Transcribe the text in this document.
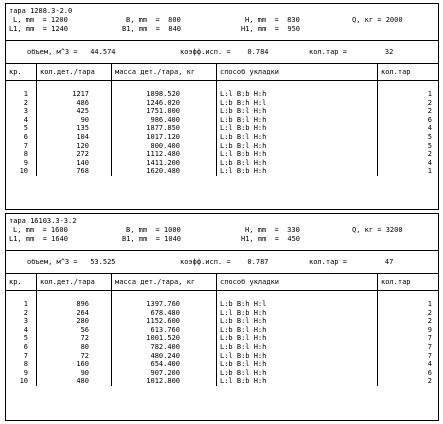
тара 1288.3-2.0
L, mm  = 1200	B, mm  =  800	H, mm  =  830	Q, кг = 2000
L1, mm  = 1240	B1, mm  =  840	H1, mm  =  950
объем, м^3 =   44.574	коэфф.исп. =    0.784	кол.тар =         32
кр.	кол.дет./тара	масса дет./тара, кг	способ укладки	кол.тар
1	1217	1898.520	L:l B:b H:h	1
2	486	1246.020	L:b B:h H:l	2
3	425	1751.000	L:b B:l H:h	2
4	90	986.400	L:b B:l H:h	6
5	135	1877.850	L:l B:b H:h	4
6	104	1017.120	L:b B:l H:h	5
7	120	800.400	L:b B:l H:h	5
8	272	1112.480	L:l B:b H:h	2
9	140	1411.200	L:b B:l H:h	4
10	768	1620.480	L:l B:b H:h	1
тара 16103.3-3.2
L, mm  = 1600	B, mm  = 1000	H, mm  =  330	Q, кг = 3200
L1, mm  = 1640	B1, mm  = 1040	H1, mm  =  450
объем, м^3 =   53.525	коэфф.исп. =    0.787	кол.тар =         47
кр.	кол.дет./тара	масса дет./тара, кг	способ укладки	кол.тар
1	896	1397.760	L:b B:h H:l	1
2	264	678.480	L:l B:b H:h	2
3	280	1152.600	L:b B:l H:h	2
4	56	613.760	L:b B:l H:h	9
5	72	1001.520	L:b B:l H:h	7
6	80	782.400	L:b B:l H:h	7
7	72	480.240	L:l B:b H:h	7
8	160	654.400	L:b B:l H:h	4
9	90	907.200	L:b B:l H:h	6
10	480	1012.800	L:l B:b H:h	2
